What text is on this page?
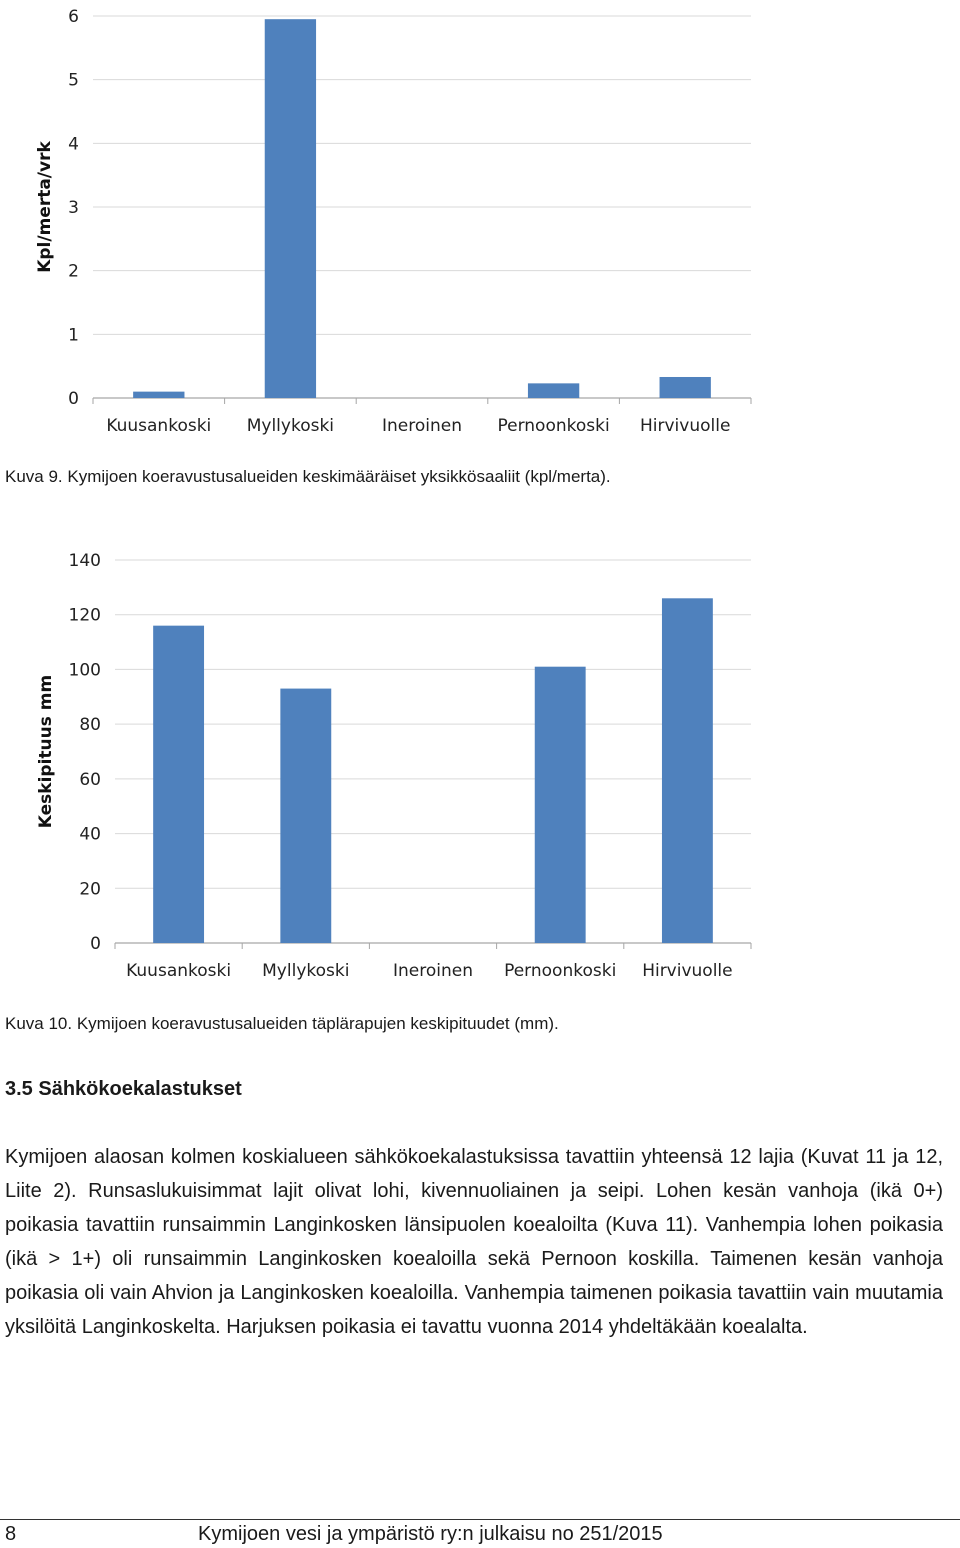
0
1
2
3
4
5
6
Kuusankoski Myllykoski	Ineroinen Pernoonkoski Hirvivuolle
Kpl/merta/vrk
Kuva 9. Kymijoen koeravustusalueiden keskimääräiset yksikkösaaliit (kpl/merta).
0
20
40
60
80
100
120
140
Kuusankoski Myllykoski	Ineroinen Pernoonkoski Hirvivuolle
Keskipituus mm
Kuva 10. Kymijoen koeravustusalueiden täplärapujen keskipituudet (mm).
3.5 Sähkökoekalastukset

Kymijoen alaosan kolmen koskialueen sähkökoekalastuksissa tavattiin yhteensä 12 lajia (Kuvat 11 ja 12, Liite 2). Runsaslukuisimmat lajit olivat lohi, kivennuoliainen ja seipi. Lohen kesän vanhoja (ikä 0+) poikasia tavattiin runsaimmin Langinkosken länsipuolen koealoilta (Kuva 11). Vanhempia lohen poikasia (ikä > 1+) oli runsaimmin Langinkosken koealoilla sekä Pernoon koskilla. Taimenen kesän vanhoja poikasia oli vain Ahvion ja Langinkosken koealoilla. Vanhempia taimenen poikasia tavattiin vain muutamia yksilöitä Langinkoskelta. Harjuksen poikasia ei tavattu vuonna 2014 yhdeltäkään koealalta.

8	Kymijoen vesi ja ympäristö ry:n julkaisu no 251/2015
